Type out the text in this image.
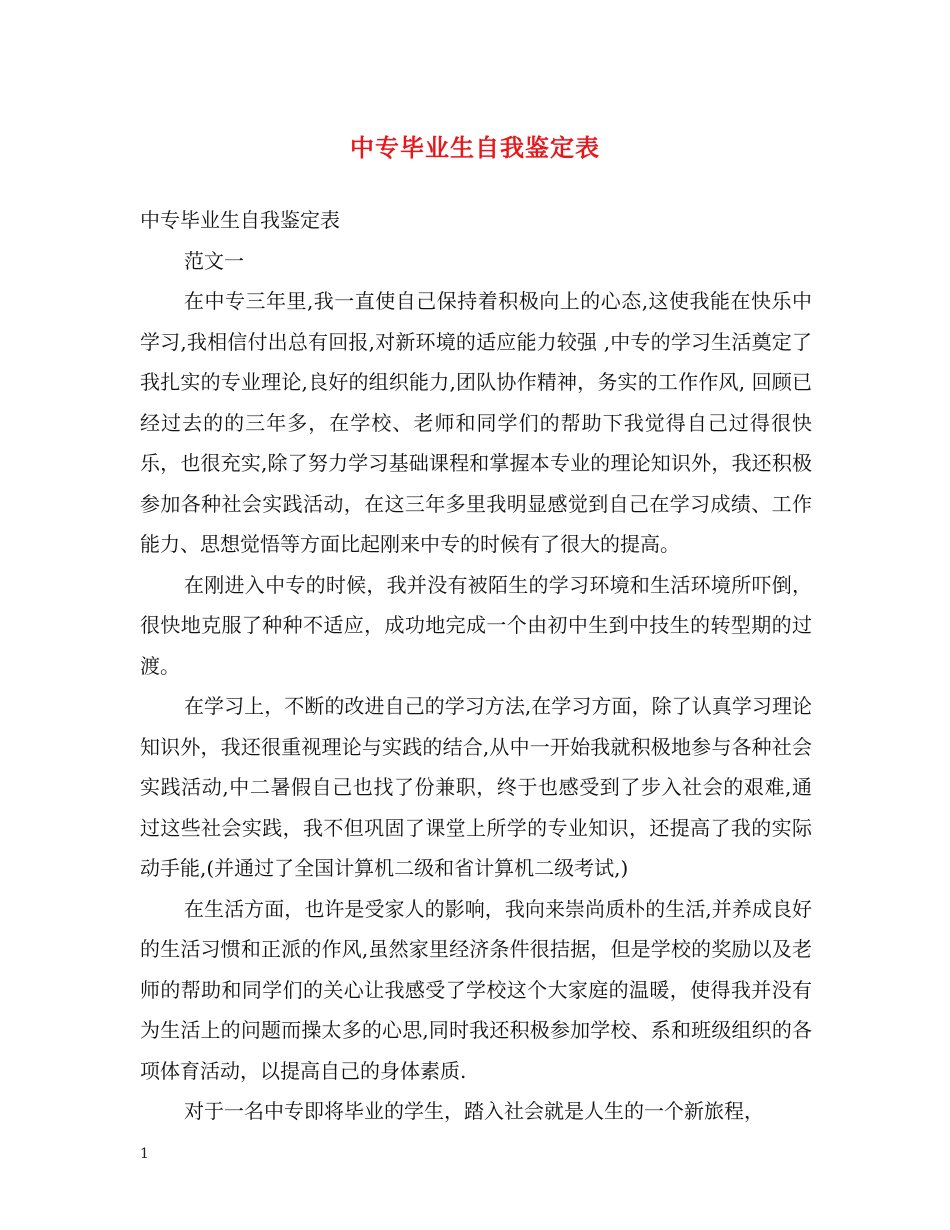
中专毕业生自我鉴定表

中专毕业生自我鉴定表

范文一

在中专三年里,我一直使自己保持着积极向上的心态,这使我能在快乐中学习,我相信付出总有回报,对新环境的适应能力较强 ,中专的学习生活奠定了我扎实的专业理论,良好的组织能力,团队协作精神，务实的工作作风, 回顾已经过去的的三年多，在学校、老师和同学们的帮助下我觉得自己过得很快乐，也很充实,除了努力学习基础课程和掌握本专业的理论知识外，我还积极参加各种社会实践活动，在这三年多里我明显感觉到自己在学习成绩、工作能力、思想觉悟等方面比起刚来中专的时候有了很大的提高。

在刚进入中专的时候，我并没有被陌生的学习环境和生活环境所吓倒，很快地克服了种种不适应，成功地完成一个由初中生到中技生的转型期的过渡。

在学习上，不断的改进自己的学习方法,在学习方面，除了认真学习理论知识外，我还很重视理论与实践的结合,从中一开始我就积极地参与各种社会实践活动,中二暑假自己也找了份兼职，终于也感受到了步入社会的艰难,通过这些社会实践，我不但巩固了课堂上所学的专业知识，还提高了我的实际动手能,(并通过了全国计算机二级和省计算机二级考试,)

在生活方面，也许是受家人的影响，我向来崇尚质朴的生活,并养成良好的生活习惯和正派的作风,虽然家里经济条件很拮据，但是学校的奖励以及老师的帮助和同学们的关心让我感受了学校这个大家庭的温暖，使得我并没有为生活上的问题而操太多的心思,同时我还积极参加学校、系和班级组织的各项体育活动，以提高自己的身体素质.

对于一名中专即将毕业的学生，踏入社会就是人生的一个新旅程，

1
